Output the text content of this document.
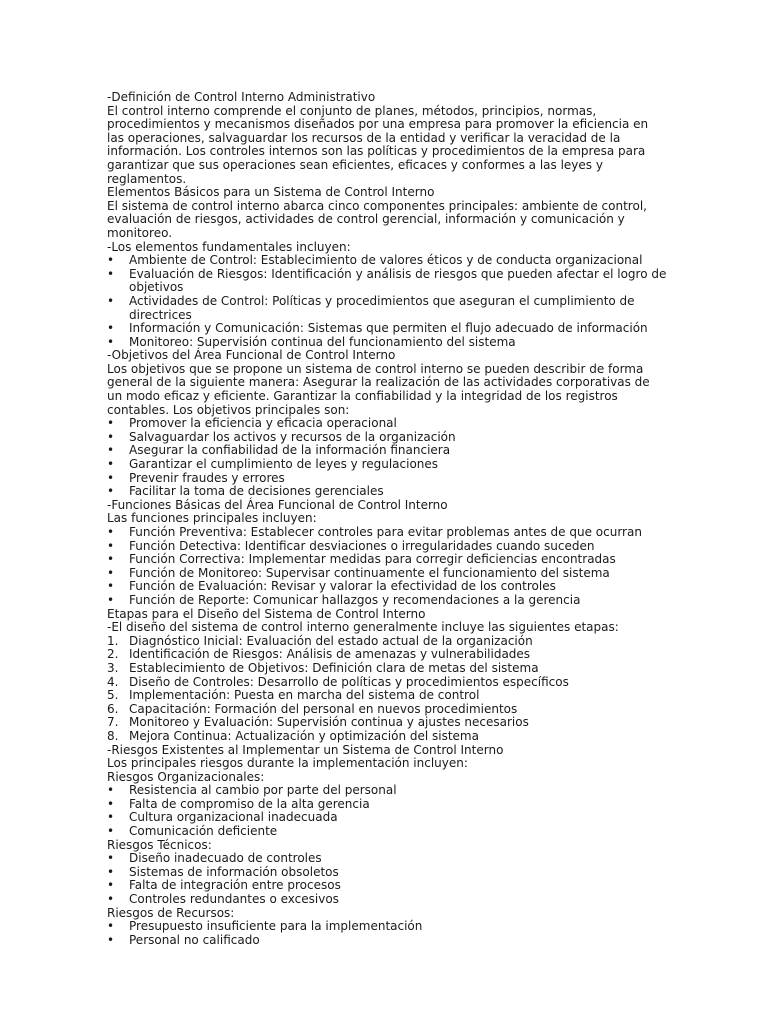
-Definición de Control Interno Administrativo

El control interno comprende el conjunto de planes, métodos, principios, normas, procedimientos y mecanismos diseñados por una empresa para promover la eficiencia en las operaciones, salvaguardar los recursos de la entidad y verificar la veracidad de la información. Los controles internos son las políticas y procedimientos de la empresa para garantizar que sus operaciones sean eficientes, eficaces y conformes a las leyes y reglamentos.

Elementos Básicos para un Sistema de Control Interno

El sistema de control interno abarca cinco componentes principales: ambiente de control, evaluación de riesgos, actividades de control gerencial, información y comunicación y monitoreo.

-Los elementos fundamentales incluyen:

• Ambiente de Control: Establecimiento de valores éticos y de conducta organizacional
• Evaluación de Riesgos: Identificación y análisis de riesgos que pueden afectar el logro de objetivos
• Actividades de Control: Políticas y procedimientos que aseguran el cumplimiento de directrices
• Información y Comunicación: Sistemas que permiten el flujo adecuado de información
• Monitoreo: Supervisión continua del funcionamiento del sistema

-Objetivos del Área Funcional de Control Interno

Los objetivos que se propone un sistema de control interno se pueden describir de forma general de la siguiente manera: Asegurar la realización de las actividades corporativas de un modo eficaz y eficiente. Garantizar la confiabilidad y la integridad de los registros contables. Los objetivos principales son:

• Promover la eficiencia y eficacia operacional
• Salvaguardar los activos y recursos de la organización
• Asegurar la confiabilidad de la información financiera
• Garantizar el cumplimiento de leyes y regulaciones
• Prevenir fraudes y errores
• Facilitar la toma de decisiones gerenciales

-Funciones Básicas del Área Funcional de Control Interno

Las funciones principales incluyen:

• Función Preventiva: Establecer controles para evitar problemas antes de que ocurran
• Función Detectiva: Identificar desviaciones o irregularidades cuando suceden
• Función Correctiva: Implementar medidas para corregir deficiencias encontradas
• Función de Monitoreo: Supervisar continuamente el funcionamiento del sistema
• Función de Evaluación: Revisar y valorar la efectividad de los controles
• Función de Reporte: Comunicar hallazgos y recomendaciones a la gerencia

Etapas para el Diseño del Sistema de Control Interno

-El diseño del sistema de control interno generalmente incluye las siguientes etapas:

1. Diagnóstico Inicial: Evaluación del estado actual de la organización
2. Identificación de Riesgos: Análisis de amenazas y vulnerabilidades
3. Establecimiento de Objetivos: Definición clara de metas del sistema
4. Diseño de Controles: Desarrollo de políticas y procedimientos específicos
5. Implementación: Puesta en marcha del sistema de control
6. Capacitación: Formación del personal en nuevos procedimientos
7. Monitoreo y Evaluación: Supervisión continua y ajustes necesarios
8. Mejora Continua: Actualización y optimización del sistema

-Riesgos Existentes al Implementar un Sistema de Control Interno

Los principales riesgos durante la implementación incluyen:

Riesgos Organizacionales:

• Resistencia al cambio por parte del personal
• Falta de compromiso de la alta gerencia
• Cultura organizacional inadecuada
• Comunicación deficiente

Riesgos Técnicos:

• Diseño inadecuado de controles
• Sistemas de información obsoletos
• Falta de integración entre procesos
• Controles redundantes o excesivos

Riesgos de Recursos:

• Presupuesto insuficiente para la implementación
• Personal no calificado
